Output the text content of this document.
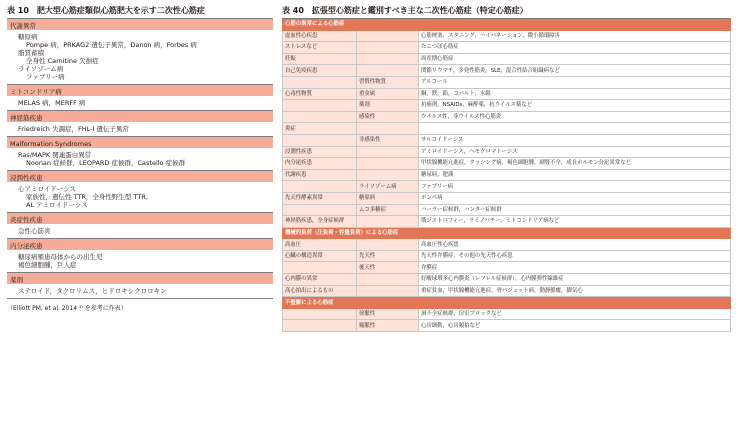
表 10 肥大型心筋症類似心筋肥大を示す二次性心筋症
代謝異常
糖原病
Pompe 病，PRKAG2 遺伝子異常，Danon 病，Forbes 病
脂質蓄積
全身性 Carnitine 欠損症
ライソゾーム病
ファブリー病
ミトコンドリア病
MELAS 病，MERFF 病
神経筋疾患
Friedreich 失調症，FHL-I 遺伝子異常
Malformation Syndromes
Ras/MAPK 関連蛋白異常
Noonan 症候群，LEOPARD 症候群，Castello 症候群
浸潤性疾患
心アミロイドーシス
家族性，遺伝性 TTR，全身性野生型 TTR,
AL アミロイドーシス
炎症性疾患
急性心筋炎
内分泌疾患
糖尿病罹患母体からの出生児
褐色細胞腫，巨人症
薬剤
ステロイド，タクロリムス，ヒドロキシクロロキン
（Elliott PM, et al. 2014 ¹⁾ を参考に作表）
表 40 拡張型心筋症と鑑別すべき主な二次性心筋症（特定心筋症）
心筋の異常による心筋症		
虚血性心疾患		心筋梗塞，スタニング，ハイバネーション，微小循環障害
ストレスなど		たこつぼ心筋症
妊娠		周産期心筋症
自己免疫疾患		関節リウマチ，多発性筋炎，SLE，混合性結合組織病など
	習慣性物質	アルコール
心毒性物質	重金属	銅，鉄，鉛，コバルト，水銀
	薬剤	抗癌剤，NSAIDs，麻酔薬，抗ウイルス薬など
	感染性	ウイルス性，非ウイルス性心筋炎
炎症		
	非感染性	サルコイドーシス
浸潤性疾患		アミロイドーシス，ヘモクロマトーシス
内分泌疾患		甲状腺機能亢進症，クッシング病，褐色細胞腫，副腎不全，成長ホルモン分泌異常など
代謝疾患		糖尿病，肥満
	ライソゾーム病	ファブリー病
先天性酵素異常	糖原病	ポンペ病
	ムコ多糖症	ハーラー症候群，ハンター症候群
神経筋疾患，全身症候群		筋ジストロフィー，ラミノパチー，ミトコンドリア病など
機械的負荷（圧負荷・容量負荷）による心筋症		
高血圧		高血圧性心疾患
心臓の構造異常	先天性	先天性弁膜症，その他の先天性心疾患
	後天性	弁膜症
心内膜の異常		好酸球増多心内膜炎（レフレル症候群），心内膜弾性線維症
高心拍出によるもの		重症貧血，甲状腺機能亢進症，骨パジェット病，動静脈瘻，脚気心
不整脈による心筋症		
	徐脈性	洞不全症候群，房室ブロックなど
	頻脈性	心房細動，心房頻拍など
